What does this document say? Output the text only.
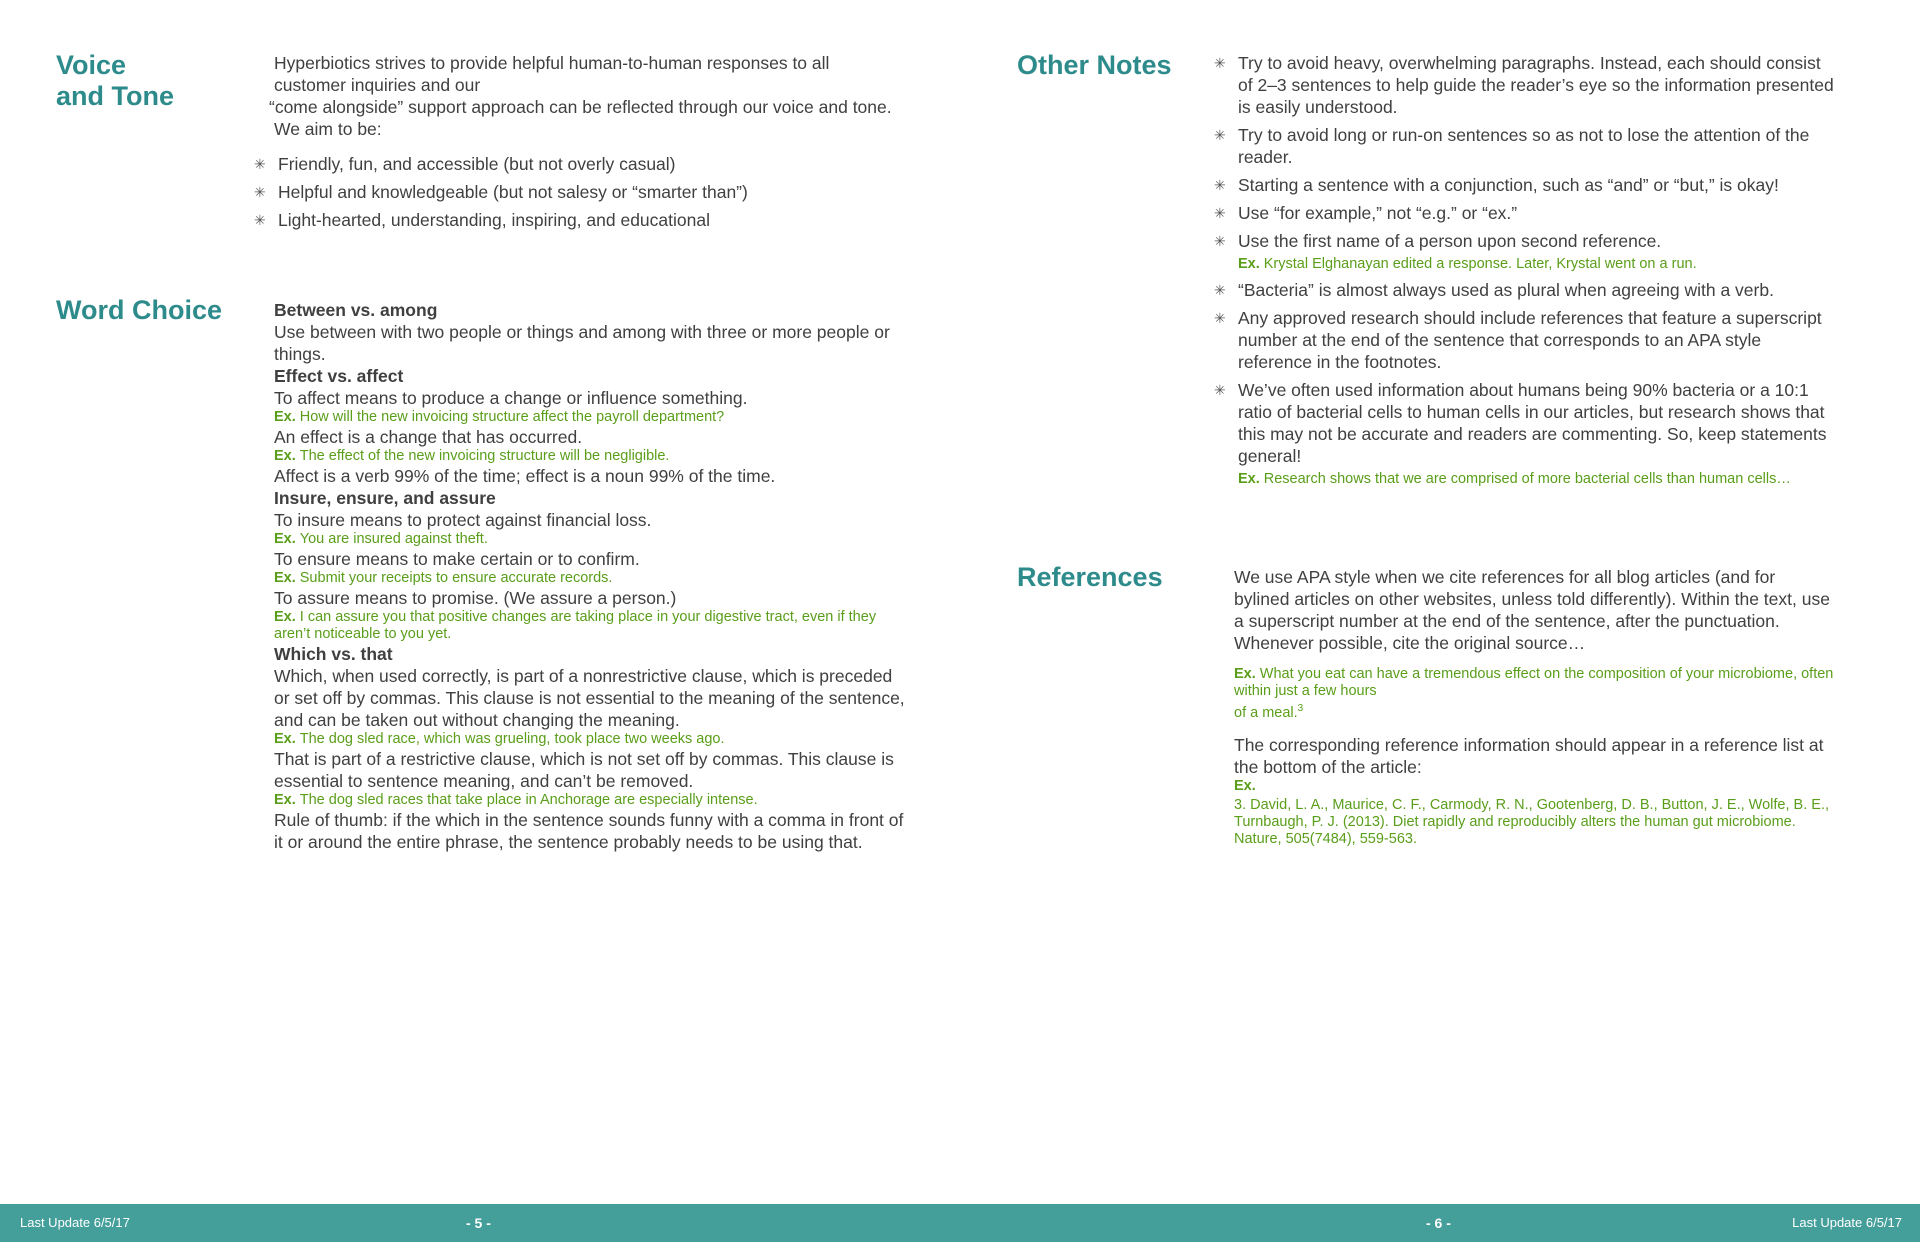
Voice
and Tone
Hyperbiotics strives to provide helpful human-to-human responses to all
customer inquiries and our
“come alongside” support approach can be reflected through our voice and tone.
We aim to be:
✳ Friendly, fun, and accessible (but not overly casual)
✳ Helpful and knowledgeable (but not salesy or “smarter than”)
✳ Light-hearted, understanding, inspiring, and educational
Word Choice	Between vs. among

Use between with two people or things and among with three or more people or things.

Effect vs. affect

To affect means to produce a change or influence something.

Ex. How will the new invoicing structure affect the payroll department?

An effect is a change that has occurred.

Ex. The effect of the new invoicing structure will be negligible.

Affect is a verb 99% of the time; effect is a noun 99% of the time.

Insure, ensure, and assure

To insure means to protect against financial loss.

Ex. You are insured against theft.

To ensure means to make certain or to confirm.

Ex. Submit your receipts to ensure accurate records.

To assure means to promise. (We assure a person.)

Ex. I can assure you that positive changes are taking place in your digestive tract, even if they aren’t noticeable to you yet.

Which vs. that

Which, when used correctly, is part of a nonrestrictive clause, which is preceded or set off by commas. This clause is not essential to the meaning of the sentence, and can be taken out without changing the meaning.

Ex. The dog sled race, which was grueling, took place two weeks ago.

That is part of a restrictive clause, which is not set off by commas. This clause is essential to sentence meaning, and can’t be removed.

Ex. The dog sled races that take place in Anchorage are especially intense.

Rule of thumb: if the which in the sentence sounds funny with a comma in front of it or around the entire phrase, the sentence probably needs to be using that.

Other Notes	✳ Try to avoid heavy, overwhelming paragraphs. Instead, each should consist of 2–3 sentences to help guide the reader’s eye so the information presented is easily understood.
✳ Try to avoid long or run-on sentences so as not to lose the attention of the reader.
✳ Starting a sentence with a conjunction, such as “and” or “but,” is okay!
✳ Use “for example,” not “e.g.” or “ex.”
✳ Use the first name of a person upon second reference.

Ex. Krystal Elghanayan edited a response. Later, Krystal went on a run.

✳ “Bacteria” is almost always used as plural when agreeing with a verb.
✳ Any approved research should include references that feature a superscript number at the end of the sentence that corresponds to an APA style reference in the footnotes.
✳ We’ve often used information about humans being 90% bacteria or a 10:1 ratio of bacterial cells to human cells in our articles, but research shows that this may not be accurate and readers are commenting. So, keep statements general!

Ex. Research shows that we are comprised of more bacterial cells than human cells…

References	We use APA style when we cite references for all blog articles (and for bylined articles on other websites, unless told differently). Within the text, use a superscript number at the end of the sentence, after the punctuation. Whenever possible, cite the original source…

Ex. What you eat can have a tremendous effect on the composition of your microbiome, often within just a few hours
of a meal.$^3$

The corresponding reference information should appear in a reference list at the bottom of the article:

Ex.

3. David, L. A., Maurice, C. F., Carmody, R. N., Gootenberg, D. B., Button, J. E., Wolfe, B. E., Turnbaugh, P. J. (2013). Diet rapidly and reproducibly alters the human gut microbiome. Nature, 505(7484), 559-563.

Last Update 6/5/17	- 5 -	- 6 -	Last Update 6/5/17
